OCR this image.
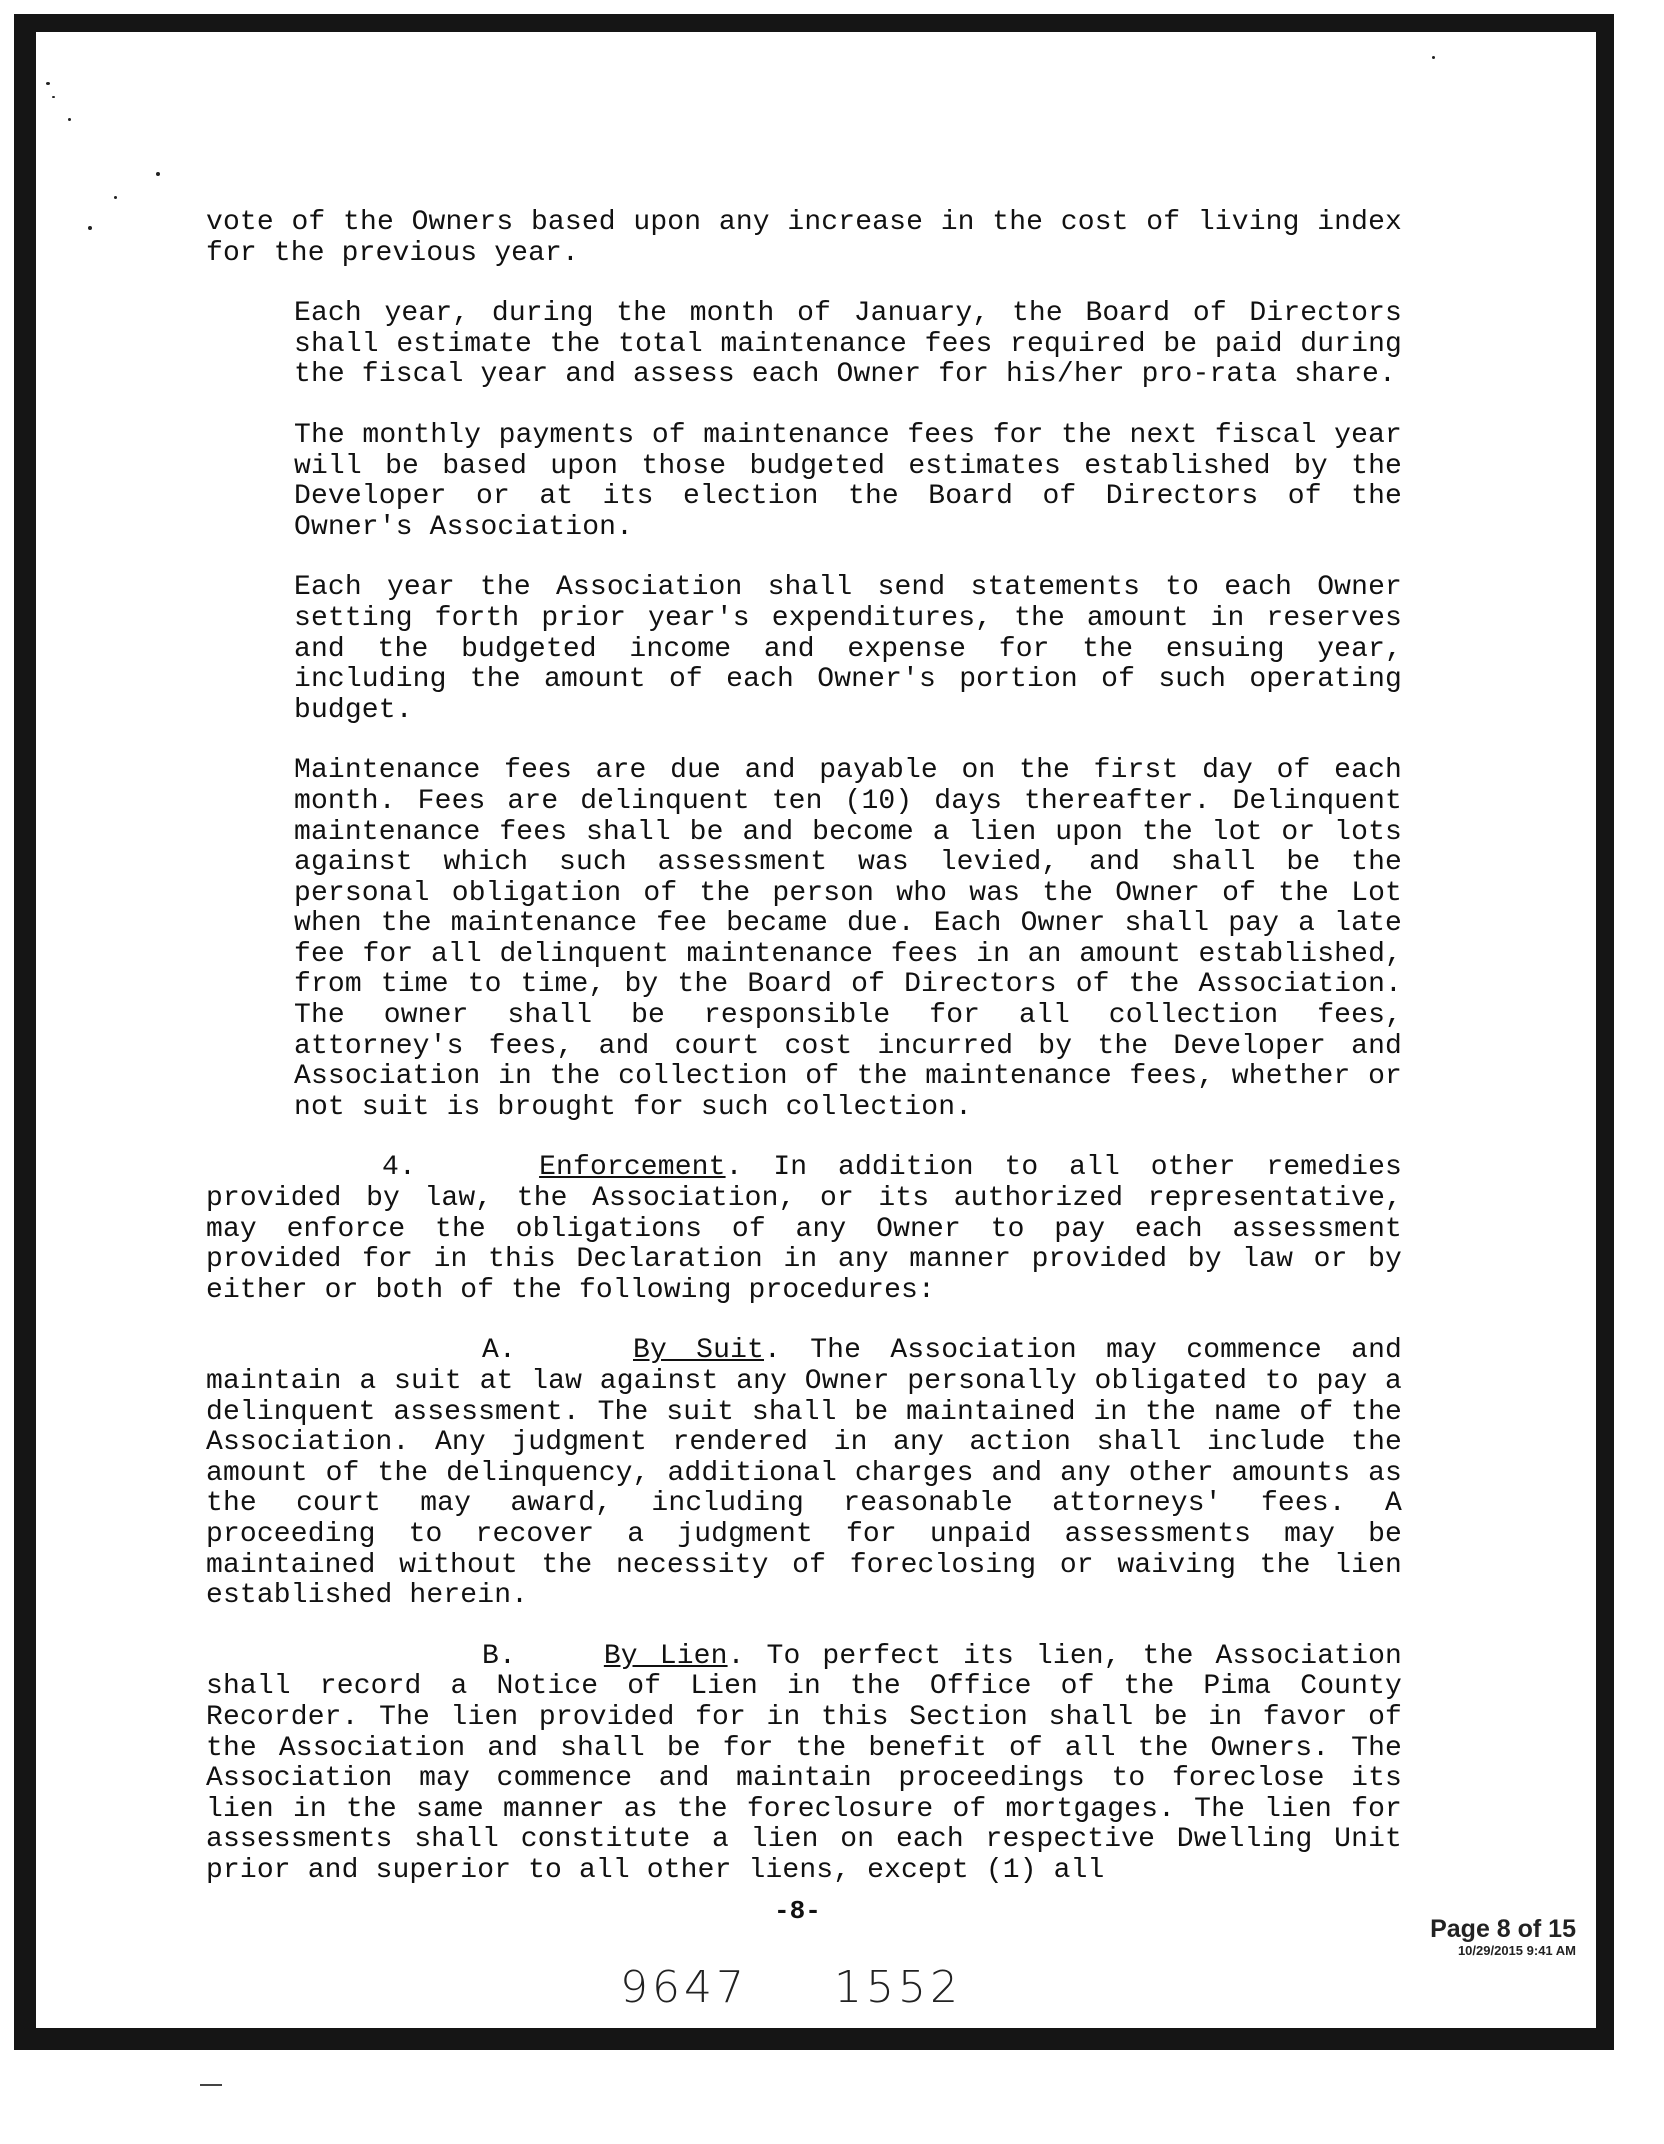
vote of the Owners based upon any increase in the cost of living index for the previous year.

Each year, during the month of January, the Board of Directors shall estimate the total maintenance fees required be paid during the fiscal year and assess each Owner for his/her pro-rata share.

The monthly payments of maintenance fees for the next fiscal year will be based upon those budgeted estimates established by the Developer or at its election the Board of Directors of the Owner's Association.

Each year the Association shall send statements to each Owner setting forth prior year's expenditures, the amount in reserves and the budgeted income and expense for the ensuing year, including the amount of each Owner's portion of such operating budget.

Maintenance fees are due and payable on the first day of each month. Fees are delinquent ten (10) days thereafter. Delinquent maintenance fees shall be and become a lien upon the lot or lots against which such assessment was levied, and shall be the personal obligation of the person who was the Owner of the Lot when the maintenance fee became due. Each Owner shall pay a late fee for all delinquent maintenance fees in an amount established, from time to time, by the Board of Directors of the Association. The owner shall be responsible for all collection fees, attorney's fees, and court cost incurred by the Developer and Association in the collection of the maintenance fees, whether or not suit is brought for such collection.

4.	Enforcement. In addition to all other remedies provided by law, the Association, or its authorized representative, may enforce the obligations of any Owner to pay each assessment provided for in this Declaration in any manner provided by law or by either or both of the following procedures:

A.	By Suit. The Association may commence and maintain a suit at law against any Owner personally obligated to pay a delinquent assessment. The suit shall be maintained in the name of the Association. Any judgment rendered in any action shall include the amount of the delinquency, additional charges and any other amounts as the court may award, including reasonable attorneys' fees. A proceeding to recover a judgment for unpaid assessments may be maintained without the necessity of foreclosing or waiving the lien established herein.

B.	By Lien. To perfect its lien, the Association shall record a Notice of Lien in the Office of the Pima County Recorder. The lien provided for in this Section shall be in favor of the Association and shall be for the benefit of all the Owners. The Association may commence and maintain proceedings to foreclose its lien in the same manner as the foreclosure of mortgages. The lien for assessments shall constitute a lien on each respective Dwelling Unit prior and superior to all other liens, except (1) all

-8-
Page 8 of 15
10/29/2015 9:41 AM
9647 1552
